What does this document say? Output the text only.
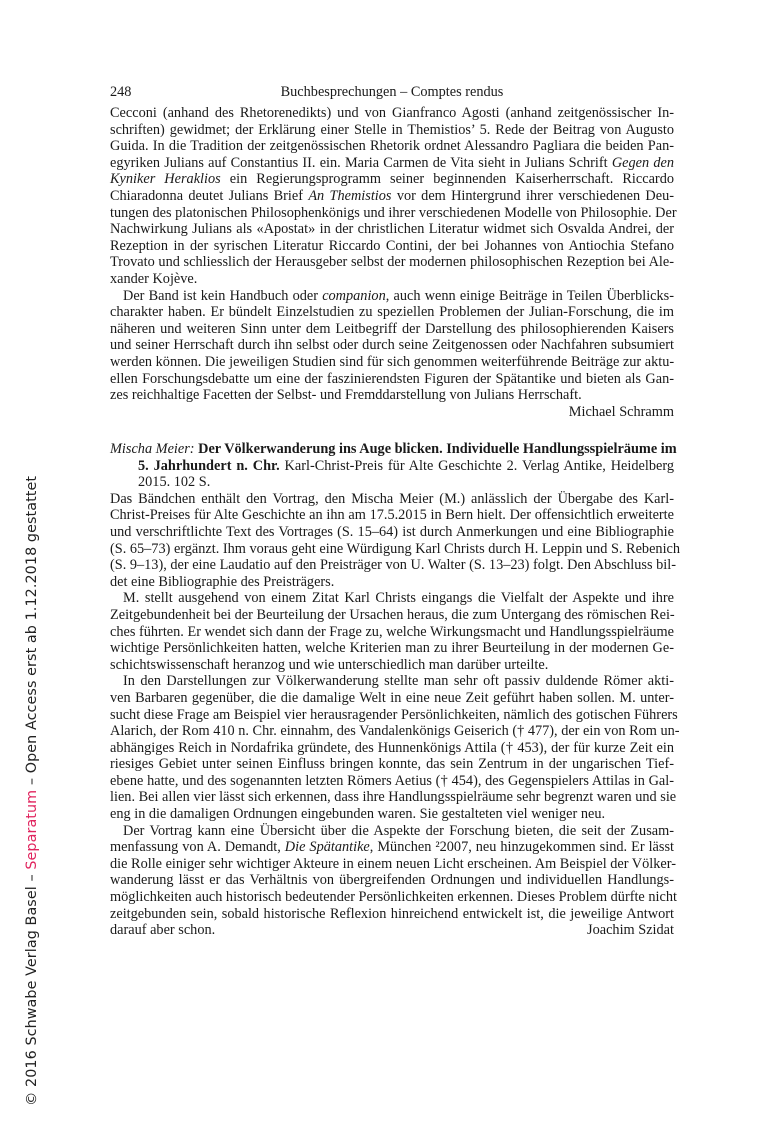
248	Buchbesprechungen – Comptes rendus
Cecconi (anhand des Rhetorenedikts) und von Gianfranco Agosti (anhand zeitgenössischer In-
schriften) gewidmet; der Erklärung einer Stelle in Themistios’ 5. Rede der Beitrag von Augusto
Guida. In die Tradition der zeitgenössischen Rhetorik ordnet Alessandro Pagliara die beiden Pan-
egyriken Julians auf Constantius II. ein. Maria Carmen de Vita sieht in Julians Schrift Gegen den
Kyniker Heraklios ein Regierungsprogramm seiner beginnenden Kaiserherrschaft. Riccardo
Chiaradonna deutet Julians Brief An Themistios vor dem Hintergrund ihrer verschiedenen Deu-
tungen des platonischen Philosophenkönigs und ihrer verschiedenen Modelle von Philosophie. Der
Nachwirkung Julians als «Apostat» in der christlichen Literatur widmet sich Osvalda Andrei, der
Rezeption in der syrischen Literatur Riccardo Contini, der bei Johannes von Antiochia Stefano
Trovato und schliesslich der Herausgeber selbst der modernen philosophischen Rezeption bei Ale-
xander Kojève.
Der Band ist kein Handbuch oder companion, auch wenn einige Beiträge in Teilen Überblicks-
charakter haben. Er bündelt Einzelstudien zu speziellen Problemen der Julian-Forschung, die im
näheren und weiteren Sinn unter dem Leitbegriff der Darstellung des philosophierenden Kaisers
und seiner Herrschaft durch ihn selbst oder durch seine Zeitgenossen oder Nachfahren subsumiert
werden können. Die jeweiligen Studien sind für sich genommen weiterführende Beiträge zur aktu-
ellen Forschungsdebatte um eine der faszinierendsten Figuren der Spätantike und bieten als Gan-
zes reichhaltige Facetten der Selbst- und Fremddarstellung von Julians Herrschaft.
Michael Schramm
Mischa Meier: Der Völkerwanderung ins Auge blicken. Individuelle Handlungsspielräume im
5. Jahrhundert n. Chr. Karl-Christ-Preis für Alte Geschichte 2. Verlag Antike, Heidelberg
2015. 102 S.
Das Bändchen enthält den Vortrag, den Mischa Meier (M.) anlässlich der Übergabe des Karl-
Christ-Preises für Alte Geschichte an ihn am 17.5.2015 in Bern hielt. Der offensichtlich erweiterte
und verschriftlichte Text des Vortrages (S. 15–64) ist durch Anmerkungen und eine Bibliographie
(S. 65–73) ergänzt. Ihm voraus geht eine Würdigung Karl Christs durch H. Leppin und S. Rebenich
(S. 9–13), der eine Laudatio auf den Preisträger von U. Walter (S. 13–23) folgt. Den Abschluss bil-
det eine Bibliographie des Preisträgers.
M. stellt ausgehend von einem Zitat Karl Christs eingangs die Vielfalt der Aspekte und ihre
Zeitgebundenheit bei der Beurteilung der Ursachen heraus, die zum Untergang des römischen Rei-
ches führten. Er wendet sich dann der Frage zu, welche Wirkungsmacht und Handlungsspielräume
wichtige Persönlichkeiten hatten, welche Kriterien man zu ihrer Beurteilung in der modernen Ge-
schichtswissenschaft heranzog und wie unterschiedlich man darüber urteilte.
In den Darstellungen zur Völkerwanderung stellte man sehr oft passiv duldende Römer akti-
ven Barbaren gegenüber, die die damalige Welt in eine neue Zeit geführt haben sollen. M. unter-
sucht diese Frage am Beispiel vier herausragender Persönlichkeiten, nämlich des gotischen Führers
Alarich, der Rom 410 n. Chr. einnahm, des Vandalenkönigs Geiserich († 477), der ein von Rom un-
abhängiges Reich in Nordafrika gründete, des Hunnenkönigs Attila († 453), der für kurze Zeit ein
riesiges Gebiet unter seinen Einfluss bringen konnte, das sein Zentrum in der ungarischen Tief-
ebene hatte, und des sogenannten letzten Römers Aetius († 454), des Gegenspielers Attilas in Gal-
lien. Bei allen vier lässt sich erkennen, dass ihre Handlungsspielräume sehr begrenzt waren und sie
eng in die damaligen Ordnungen eingebunden waren. Sie gestalteten viel weniger neu.
Der Vortrag kann eine Übersicht über die Aspekte der Forschung bieten, die seit der Zusam-
menfassung von A. Demandt, Die Spätantike, München ²2007, neu hinzugekommen sind. Er lässt
die Rolle einiger sehr wichtiger Akteure in einem neuen Licht erscheinen. Am Beispiel der Völker-
wanderung lässt er das Verhältnis von übergreifenden Ordnungen und individuellen Handlungs-
möglichkeiten auch historisch bedeutender Persönlichkeiten erkennen. Dieses Problem dürfte nicht
zeitgebunden sein, sobald historische Reflexion hinreichend entwickelt ist, die jeweilige Antwort
darauf aber schon.	Joachim Szidat
© 2016 Schwabe Verlag Basel – Separatum – Open Access erst ab 1.12.2018 gestattet
